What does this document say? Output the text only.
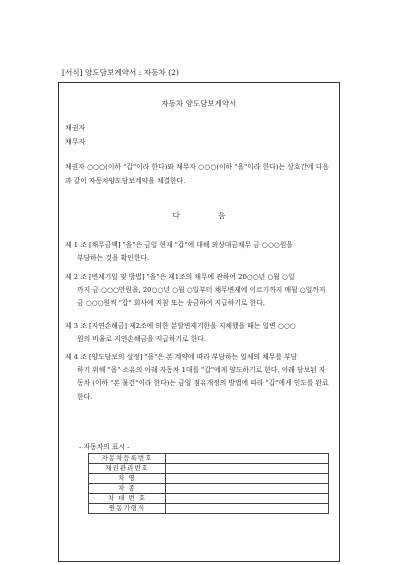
[서식] 양도담보계약서 : 자동차 (2)
자동차 양도담보계약서
채권자
채무자
채권자 ○○○(이하 "갑"이라 한다)와 채무자 ○○○(이하 "을"이라 한다)는 상호간에 다음과 같이 자동차양도담보계약을 체결한다.
다 음
제 1 조 [채무금액] "을"은 금일 현재 "갑"에 대해 외상대금채무 금 ○○○원을
부담하는 것을 확인한다.
제 2 조 [변제기일 및 방법] "을"은 제1조의 채무에 관하여 20○○년 ○월 ○일
까지 금 ○○○만원을, 20○○년 ○월 ○일부터 채무변제에 이르기까지 매월 ○일까지 금 ○○○원씩 "갑" 회사에 지참 또는 송금하여 지급하기로 한다.
제 3 조 [지연손해금] 제2조에 의한 분할변제기한을 지체했을 때는 일변 ○○○
원의 비율로 지연손해금을 지급하기로 한다.
제 4 조 [양도담보의 설정] "을"은 본 계약에 따라 부담하는 일체의 채무를 부담
하기 위해 "을" 소유의 아래 자동차 1대를 "갑"에게 양도하기로 한다. 아래 담보된 자동차 (이하 "본 물건"이라 한다)는 금일 점유개정의 방법에 따라 "갑"에게 인도를 완료한다.
- 자동차의 표시 -
자동차등록번호	
채권관리번호	
차 명	
차 종	
차 대 번 호	
원동기형식	
